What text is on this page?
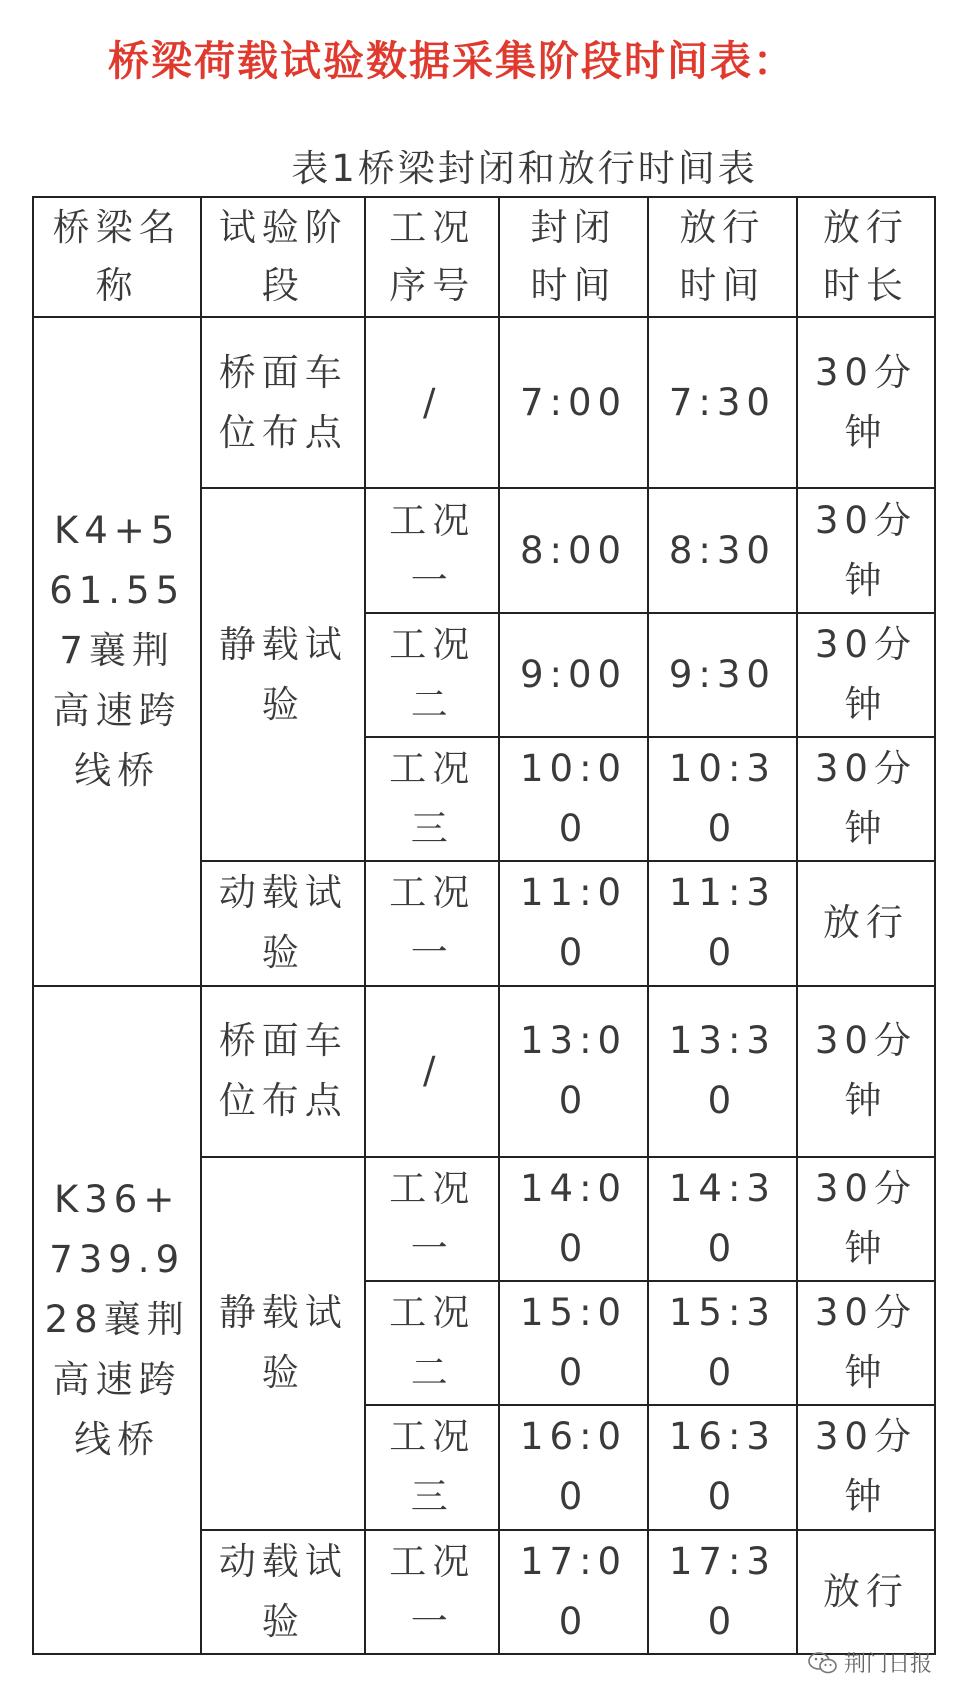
桥梁荷载试验数据采集阶段时间表：
表1桥梁封闭和放行时间表
桥梁名称	试验阶段	工况序号	封闭时间	放行时间	放行时长
K4+561.557襄荆高速跨线桥	桥面车位布点	/	7:00	7:30	30分钟
	静载试验	工况一	8:00	8:30	30分钟
		工况二	9:00	9:30	30分钟
		工况三	10:00	10:30	30分钟
	动载试验	工况一	11:00	11:30	放行
K36+739.928襄荆高速跨线桥	桥面车位布点	/	13:00	13:30	30分钟
	静载试验	工况一	14:00	14:30	30分钟
		工况二	15:00	15:30	30分钟
		工况三	16:00	16:30	30分钟
	动载试验	工况一	17:00	17:30	放行
荆门日报
